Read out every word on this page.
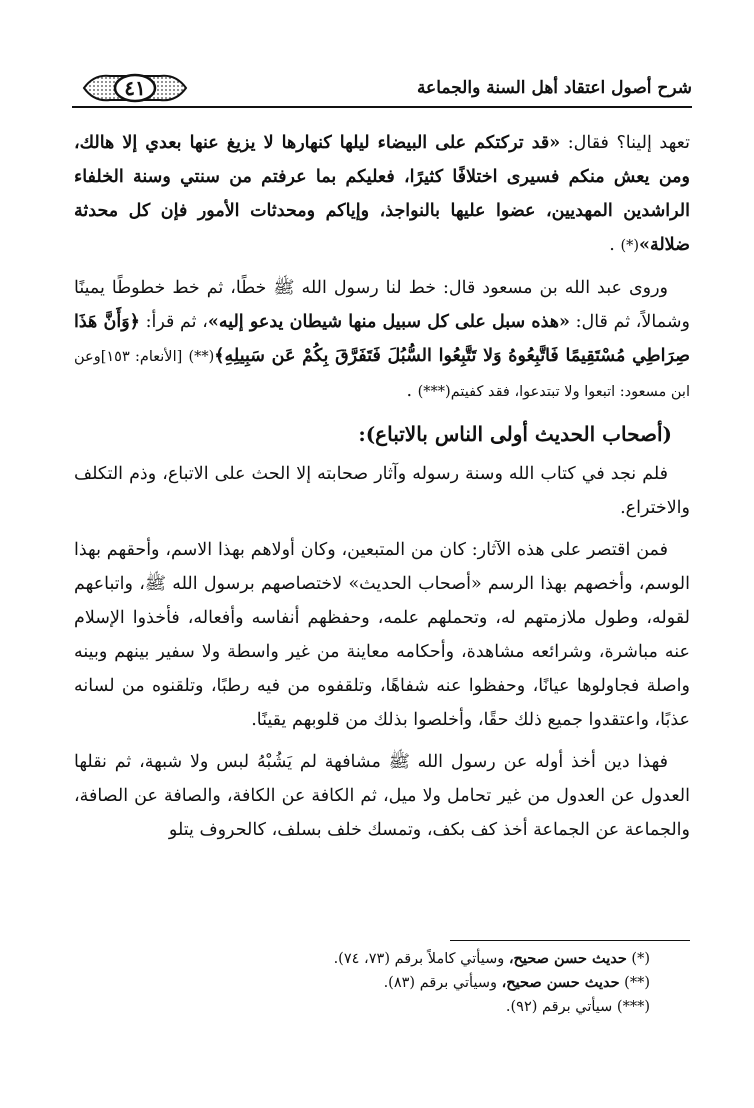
٤١	شرح أصول اعتقاد أهل السنة والجماعة

تعهد إلينا؟ فقال: «قد تركتكم على البيضاء ليلها كنهارها لا يزيغ عنها بعدي إلا هالك، ومن يعش منكم فسيرى اختلافًا كثيرًا، فعليكم بما عرفتم من سنتي وسنة الخلفاء الراشدين المهديين، عضوا عليها بالنواجذ، وإياكم ومحدثات الأمور فإن كل محدثة ضلالة»(*) .

وروى عبد الله بن مسعود قال: خط لنا رسول الله ﷺ خطًا، ثم خط خطوطًا يمينًا وشمالاً، ثم قال: «هذه سبل على كل سبيل منها شيطان يدعو إليه»، ثم قرأ: ﴿وَأَنَّ هَذَا صِرَاطِي مُسْتَقِيمًا فَاتَّبِعُوهُ وَلا تَتَّبِعُوا السُّبُلَ فَتَفَرَّقَ بِكُمْ عَن سَبِيلِهِ﴾(**) [الأنعام: ١٥٣]وعن ابن مسعود: اتبعوا ولا تبتدعوا، فقد كفيتم(***) .

(أصحاب الحديث أولى الناس بالاتباع):

فلم نجد في كتاب الله وسنة رسوله وآثار صحابته إلا الحث على الاتباع، وذم التكلف والاختراع.

فمن اقتصر على هذه الآثار: كان من المتبعين، وكان أولاهم بهذا الاسم، وأحقهم بهذا الوسم، وأخصهم بهذا الرسم «أصحاب الحديث» لاختصاصهم برسول الله ﷺ، واتباعهم لقوله، وطول ملازمتهم له، وتحملهم علمه، وحفظهم أنفاسه وأفعاله، فأخذوا الإسلام عنه مباشرة، وشرائعه مشاهدة، وأحكامه معاينة من غير واسطة ولا سفير بينهم وبينه واصلة فجاولوها عيانًا، وحفظوا عنه شفاهًا، وتلقفوه من فيه رطبًا، وتلقنوه من لسانه عذبًا، واعتقدوا جميع ذلك حقًا، وأخلصوا بذلك من قلوبهم يقينًا.

فهذا دين أخذ أوله عن رسول الله ﷺ مشافهة لم يَشُبْهُ لبس ولا شبهة، ثم نقلها العدول عن العدول من غير تحامل ولا ميل، ثم الكافة عن الكافة، والصافة عن الصافة، والجماعة عن الجماعة أخذ كف بكف، وتمسك خلف بسلف، كالحروف يتلو

(*) حديث حسن صحيح، وسيأتي كاملاً برقم (٧٣، ٧٤).
(**) حديث حسن صحيح، وسيأتي برقم (٨٣).
(***) سيأتي برقم (٩٢).
